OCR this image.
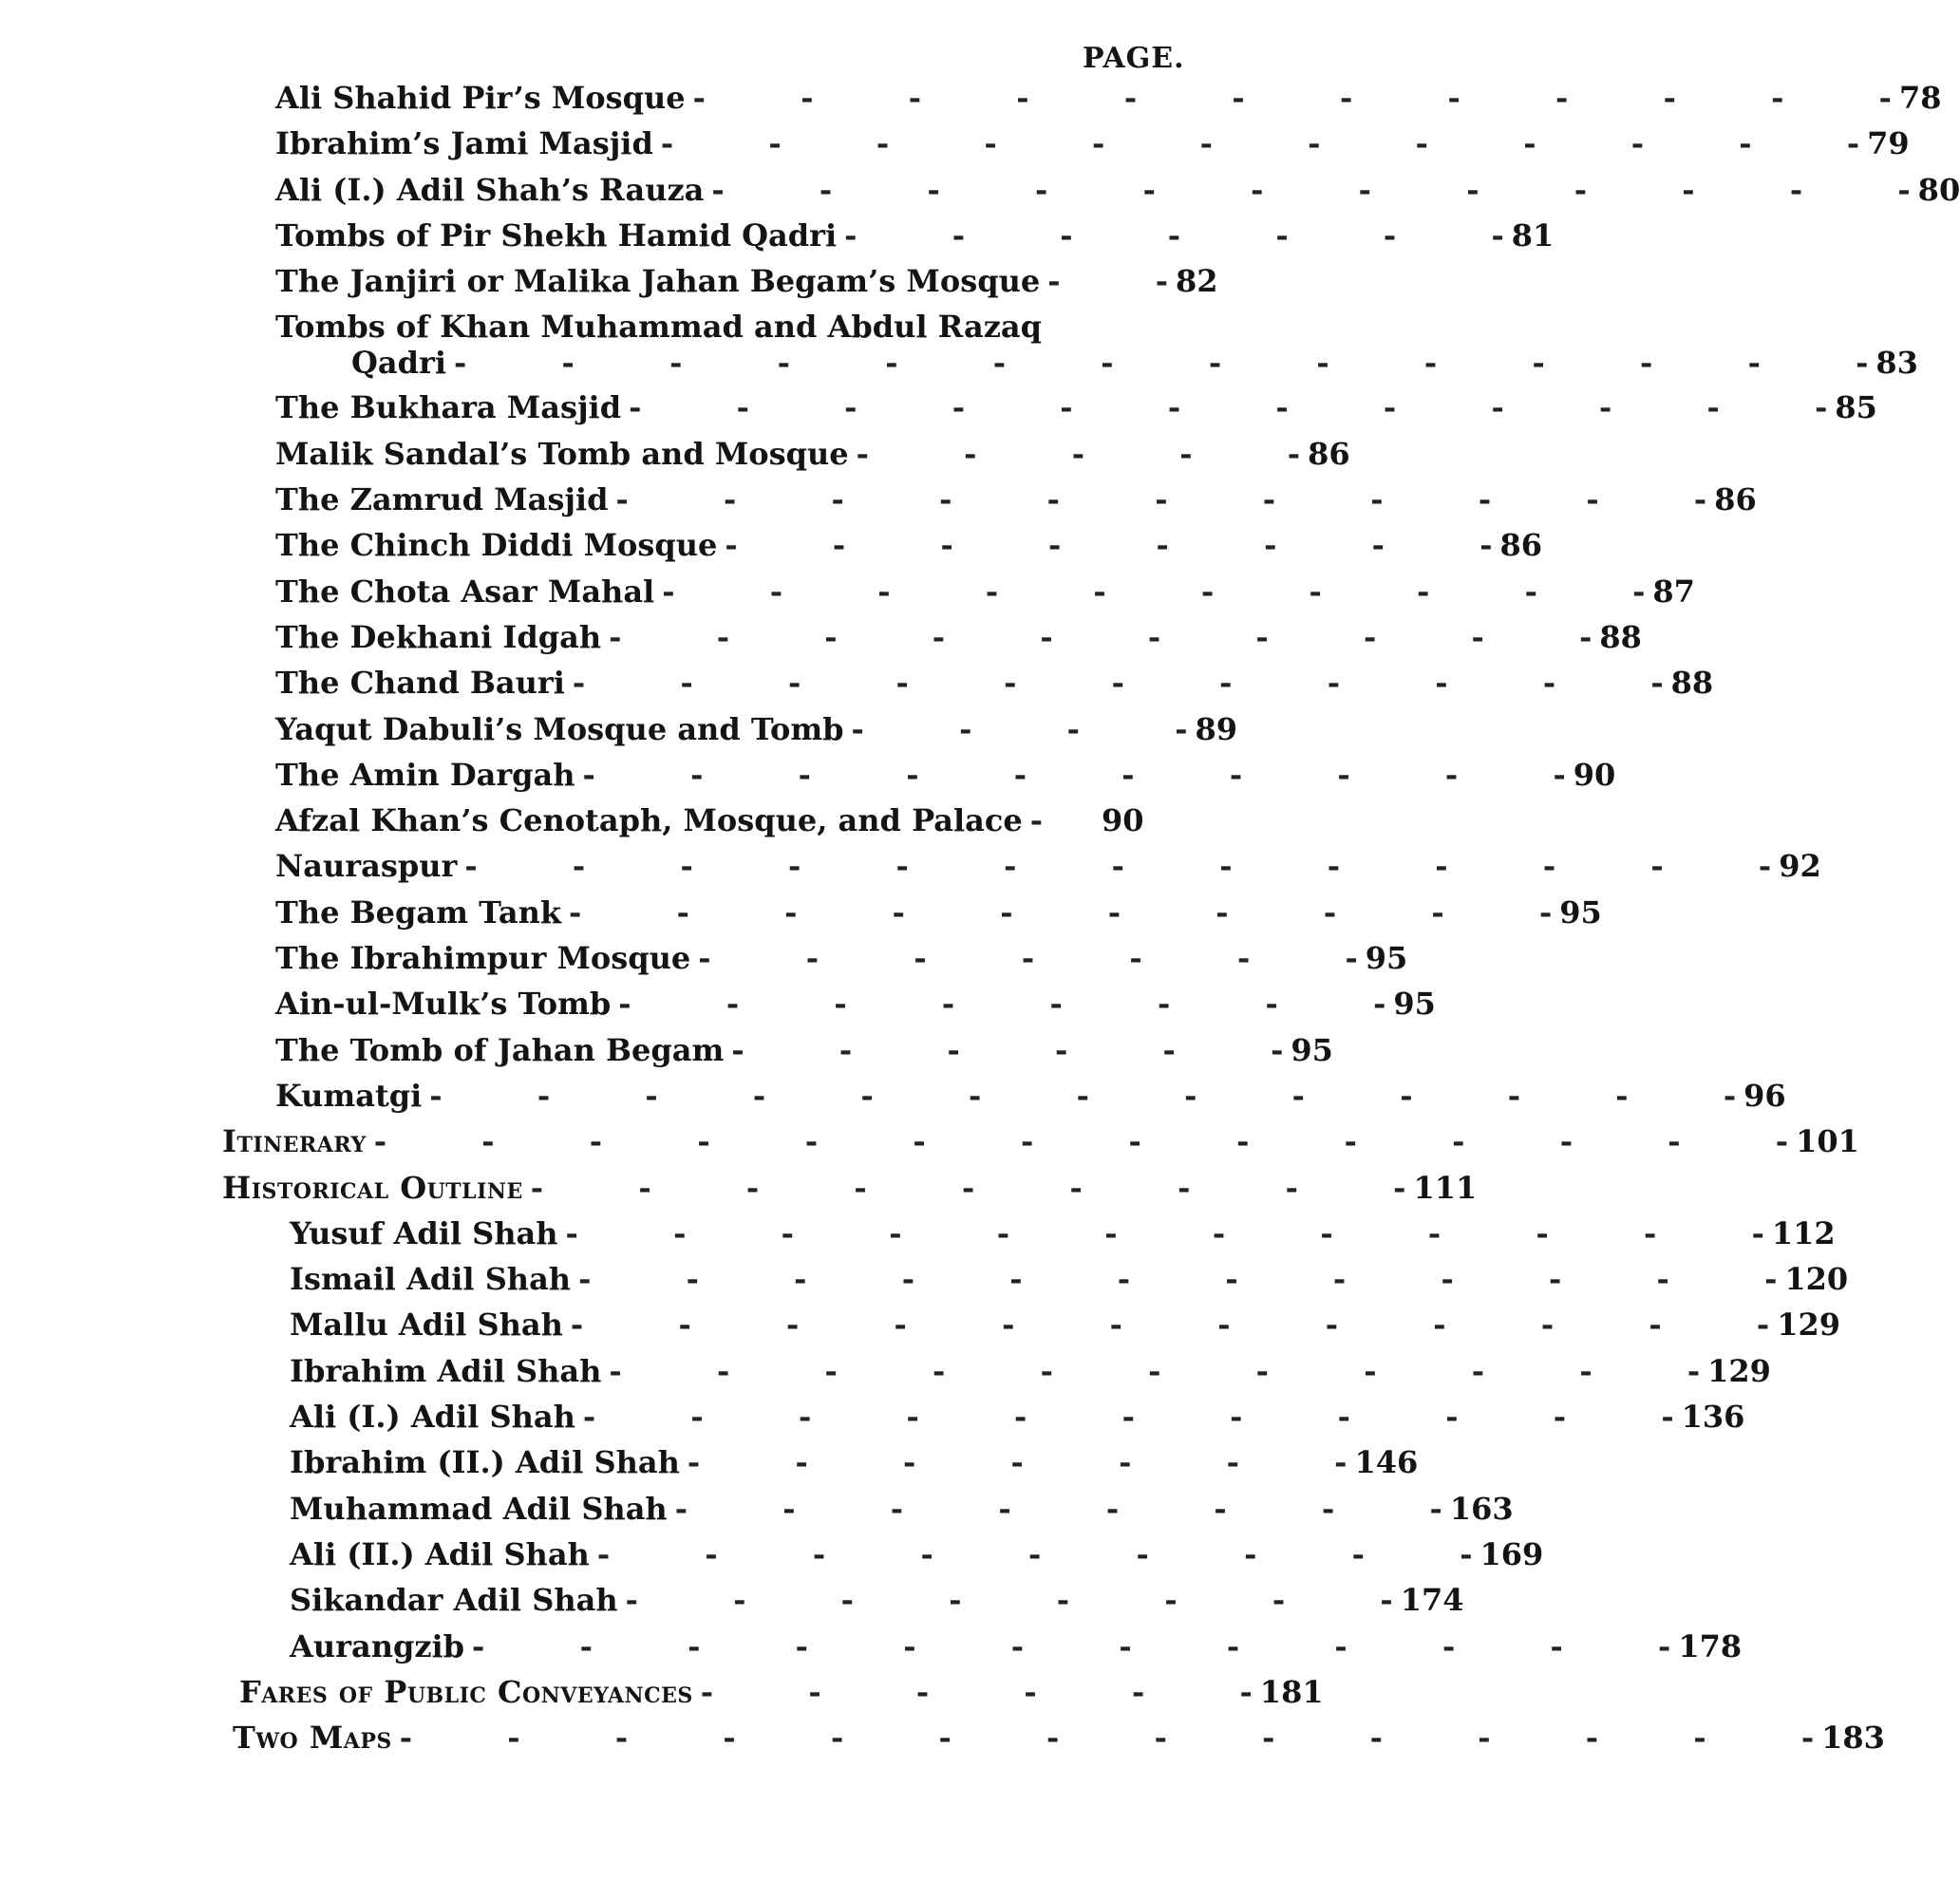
PAGE.
Ali Shahid Pir’s Mosque -         -         -         -         -         -         -         -         -         -         -         - 78
Ibrahim’s Jami Masjid -         -         -         -         -         -         -         -         -         -         -         - 79
Ali (I.) Adil Shah’s Rauza -         -         -         -         -         -         -         -         -         -         -         - 80
Tombs of Pir Shekh Hamid Qadri -         -         -         -         -         -         - 81
The Janjiri or Malika Jahan Begam’s Mosque -         - 82
Tombs of Khan Muhammad and Abdul Razaq
Qadri -         -         -         -         -         -         -         -         -         -         -         -         -         - 83
The Bukhara Masjid -         -         -         -         -         -         -         -         -         -         -         - 85
Malik Sandal’s Tomb and Mosque -         -         -         -         - 86
The Zamrud Masjid -         -         -         -         -         -         -         -         -         -         - 86
The Chinch Diddi Mosque -         -         -         -         -         -         -         - 86
The Chota Asar Mahal -         -         -         -         -         -         -         -         -         - 87
The Dekhani Idgah -         -         -         -         -         -         -         -         -         - 88
The Chand Bauri -         -         -         -         -         -         -         -         -         -         - 88
Yaqut Dabuli’s Mosque and Tomb -         -         -         - 89
The Amin Dargah -         -         -         -         -         -         -         -         -         - 90
Afzal Khan’s Cenotaph, Mosque, and Palace -	90
Nauraspur -         -         -         -         -         -         -         -         -         -         -         -         - 92
The Begam Tank -         -         -         -         -         -         -         -         -         - 95
The Ibrahimpur Mosque -         -         -         -         -         -         - 95
Ain-ul-Mulk’s Tomb -         -         -         -         -         -         -         - 95
The Tomb of Jahan Begam -         -         -         -         -         - 95
Kumatgi -         -         -         -         -         -         -         -         -         -         -         -         - 96
Itinerary -         -         -         -         -         -         -         -         -         -         -         -         -         - 101
Historical Outline -         -         -         -         -         -         -         -         - 111
Yusuf Adil Shah -         -         -         -         -         -         -         -         -         -         -         - 112
Ismail Adil Shah -         -         -         -         -         -         -         -         -         -         -         - 120
Mallu Adil Shah -         -         -         -         -         -         -         -         -         -         -         - 129
Ibrahim Adil Shah -         -         -         -         -         -         -         -         -         -         - 129
Ali (I.) Adil Shah -         -         -         -         -         -         -         -         -         -         - 136
Ibrahim (II.) Adil Shah -         -         -         -         -         -         - 146
Muhammad Adil Shah -         -         -         -         -         -         -         - 163
Ali (II.) Adil Shah -         -         -         -         -         -         -         -         - 169
Sikandar Adil Shah -         -         -         -         -         -         -         - 174
Aurangzib -         -         -         -         -         -         -         -         -         -         -         - 178
Fares of Public Conveyances -         -         -         -         -         - 181
Two Maps -         -         -         -         -         -         -         -         -         -         -         -         -         - 183
